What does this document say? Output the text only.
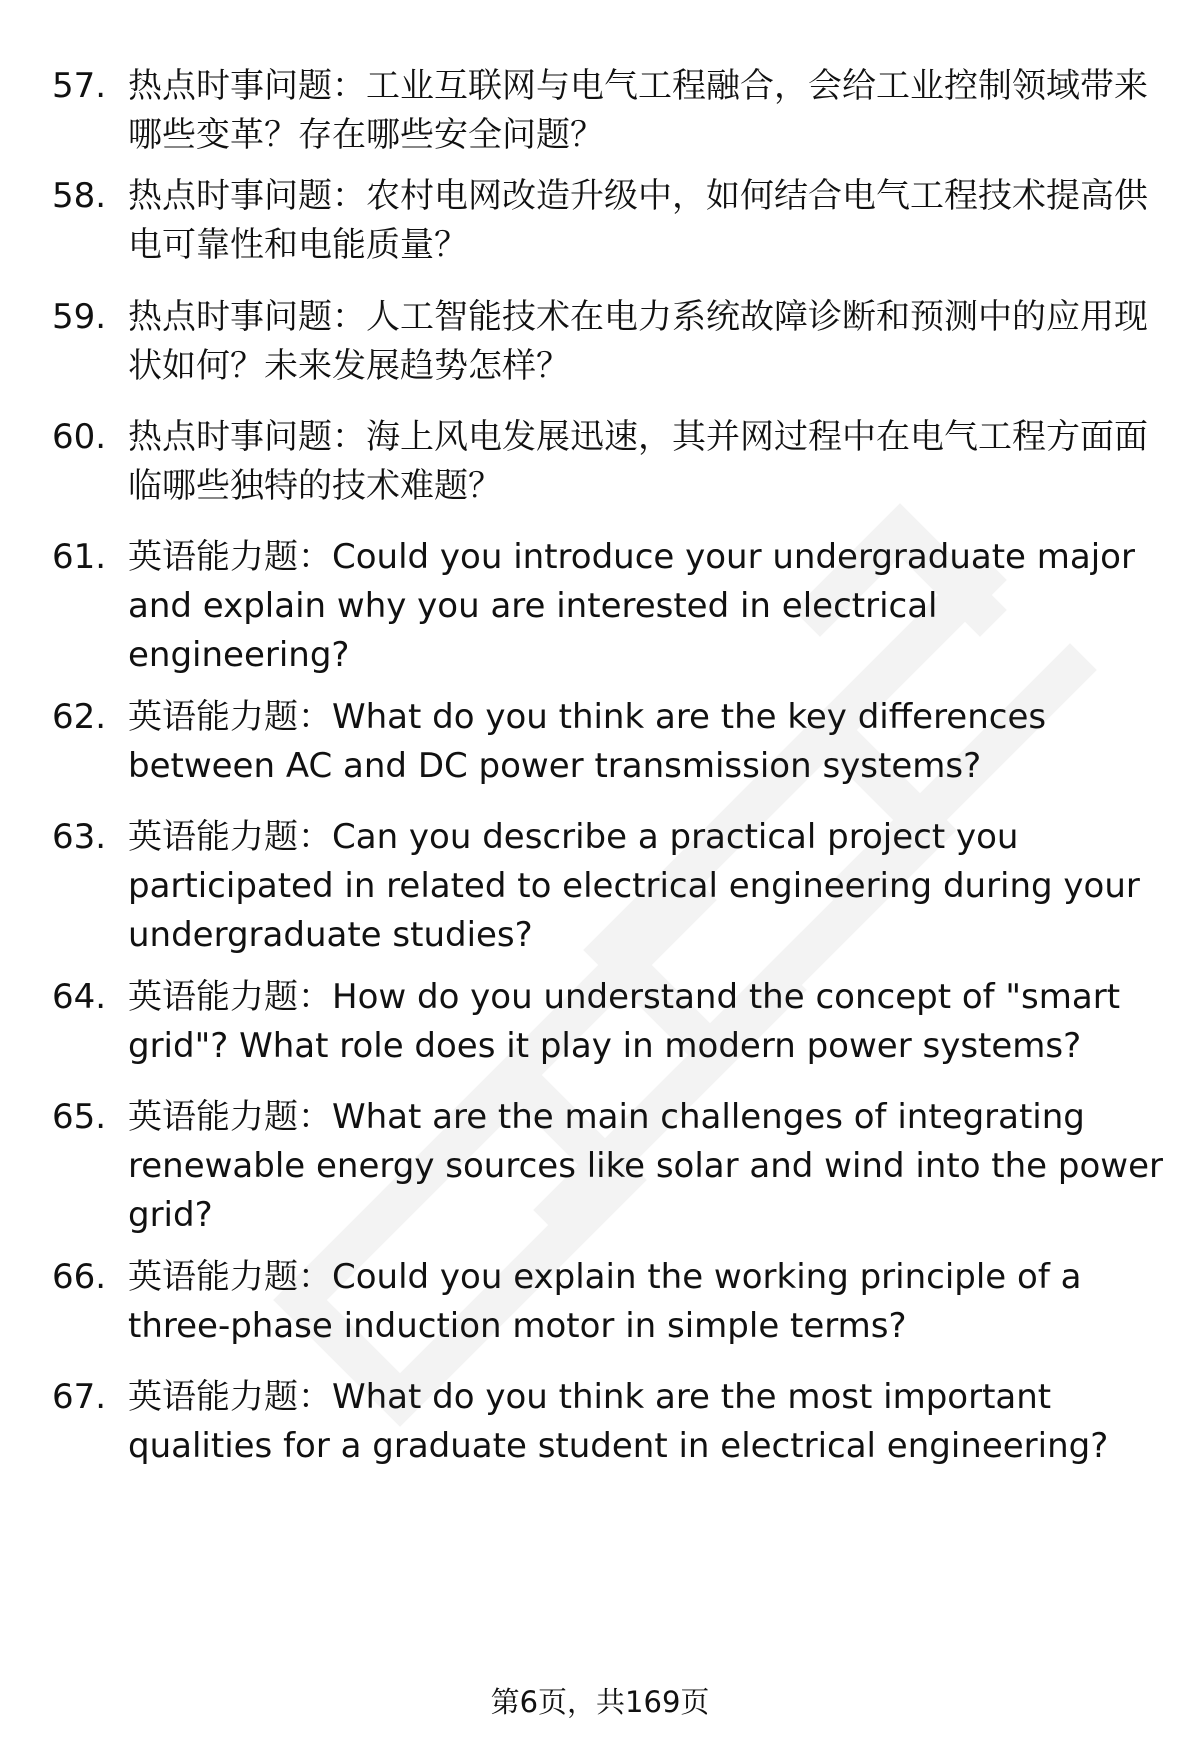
57. 热点时事问题：工业互联网与电气工程融合，会给工业控制领域带来哪些变革？存在哪些安全问题？
58. 热点时事问题：农村电网改造升级中，如何结合电气工程技术提高供电可靠性和电能质量？
59. 热点时事问题：人工智能技术在电力系统故障诊断和预测中的应用现状如何？未来发展趋势怎样？
60. 热点时事问题：海上风电发展迅速，其并网过程中在电气工程方面面临哪些独特的技术难题？
61. 英语能力题：Could you introduce your undergraduate major and explain why you are interested in electrical engineering?
62. 英语能力题：What do you think are the key differences between AC and DC power transmission systems?
63. 英语能力题：Can you describe a practical project you participated in related to electrical engineering during your undergraduate studies?
64. 英语能力题：How do you understand the concept of "smart grid"? What role does it play in modern power systems?
65. 英语能力题：What are the main challenges of integrating renewable energy sources like solar and wind into the power grid?
66. 英语能力题：Could you explain the working principle of a three-phase induction motor in simple terms?
67. 英语能力题：What do you think are the most important qualities for a graduate student in electrical engineering?
第6页，共169页
